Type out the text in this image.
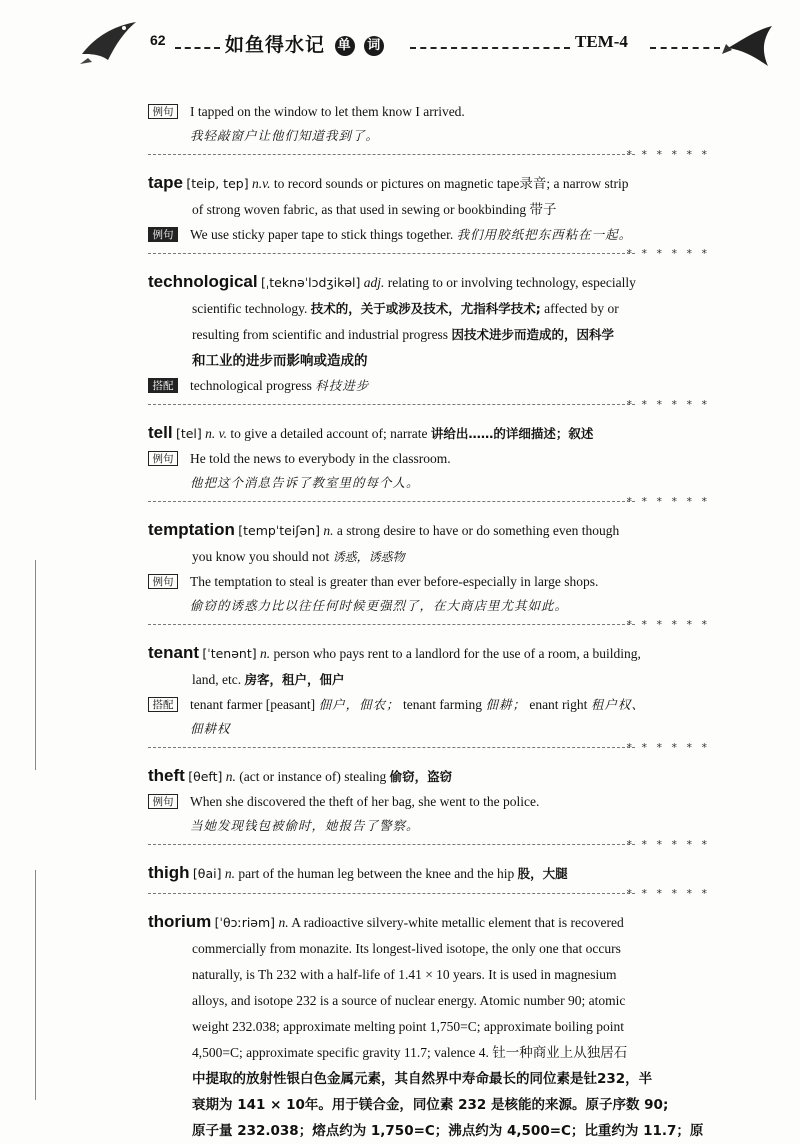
62	如鱼得水记 单 词	TEM-4
例句	I tapped on the window to let them know I arrived.
我轻敲窗户让他们知道我到了。
* * * * * *
tape [teip, tep] n.v. to record sounds or pictures on magnetic tape录音; a narrow strip
of strong woven fabric, as that used in sewing or bookbinding 带子
例句	We use sticky paper tape to stick things together. 我们用胶纸把东西粘在一起。
* * * * * *
technological [ˌteknəˈlɔdʒikəl] adj. relating to or involving technology, especially
scientific technology. 技术的，关于或涉及技术，尤指科学技术; affected by or
resulting from scientific and industrial progress 因技术进步而造成的，因科学
和工业的进步而影响或造成的
搭配	technological progress 科技进步
* * * * * *
tell [tel] n. v. to give a detailed account of; narrate 讲给出……的详细描述；叙述
例句	He told the news to everybody in the classroom.
他把这个消息告诉了教室里的每个人。
* * * * * *
temptation [tempˈteiʃən] n. a strong desire to have or do something even though
you know you should not 诱惑，诱惑物
例句	The temptation to steal is greater than ever before-especially in large shops.
偷窃的诱惑力比以往任何时候更强烈了，在大商店里尤其如此。
* * * * * *
tenant [ˈtenənt] n. person who pays rent to a landlord for the use of a room, a building,
land, etc. 房客，租户，佃户
搭配	tenant farmer [peasant] 佃户，佃农； tenant farming 佃耕； enant right 租户权、
佃耕权
* * * * * *
theft [θeft] n. (act or instance of) stealing 偷窃，盗窃
例句	When she discovered the theft of her bag, she went to the police.
当她发现钱包被偷时，她报告了警察。
* * * * * *
thigh [θai] n. part of the human leg between the knee and the hip 股，大腿
* * * * * *
thorium [ˈθɔːriəm] n. A radioactive silvery-white metallic element that is recovered
commercially from monazite. Its longest-lived isotope, the only one that occurs
naturally, is Th 232 with a half-life of 1.41 × 10 years. It is used in magnesium
alloys, and isotope 232 is a source of nuclear energy. Atomic number 90; atomic
weight 232.038; approximate melting point 1,750=C; approximate boiling point
4,500=C; approximate specific gravity 11.7; valence 4. 钍一种商业上从独居石
中提取的放射性银白色金属元素，其自然界中寿命最长的同位素是钍232，半
衰期为 141 × 10年。用于镁合金，同位素 232 是核能的来源。原子序数 90;
原子量 232.038；熔点约为 1,750=C；沸点约为 4,500=C；比重约为 11.7；原
